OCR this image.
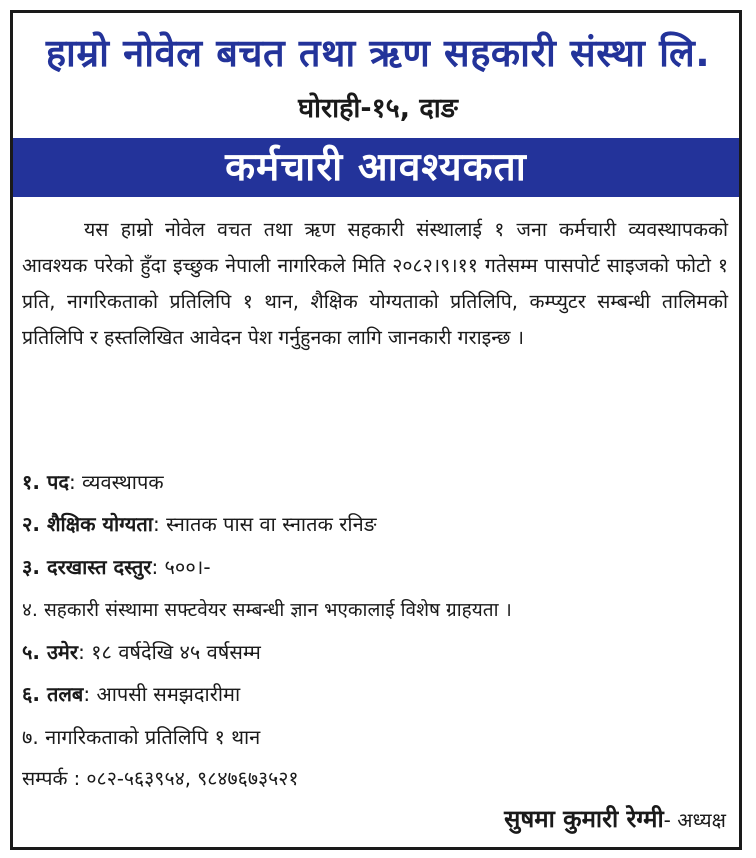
हाम्रो नोवेल बचत तथा ऋण सहकारी संस्था लि.
घोराही-१५, दाङ
कर्मचारी आवश्यकता
यस हाम्रो नोवेल वचत तथा ऋण सहकारी संस्थालाई १ जना कर्मचारी व्यवस्थापकको आवश्यक परेको हुँदा इच्छुक नेपाली नागरिकले मिति २०८२।९।११ गतेसम्म पासपोर्ट साइजको फोटो १ प्रति, नागरिकताको प्रतिलिपि १ थान, शैक्षिक योग्यताको प्रतिलिपि, कम्प्युटर सम्बन्धी तालिमको प्रतिलिपि र हस्तलिखित आवेदन पेश गर्नुहुनका लागि जानकारी गराइन्छ ।
१. पद: व्यवस्थापक
२. शैक्षिक योग्यता: स्नातक पास वा स्नातक रनिङ
३. दरखास्त दस्तुर: ५००।-
४. सहकारी संस्थामा सफ्टवेयर सम्बन्धी ज्ञान भएकालाई विशेष ग्राहयता ।
५. उमेर: १८ वर्षदेखि ४५ वर्षसम्म
६. तलब: आपसी समझदारीमा
७. नागरिकताको प्रतिलिपि १ थान
सम्पर्क : ०८२-५६३९५४, ९८४७६७३५२१
सुषमा कुमारी रेग्मी- अध्यक्ष
